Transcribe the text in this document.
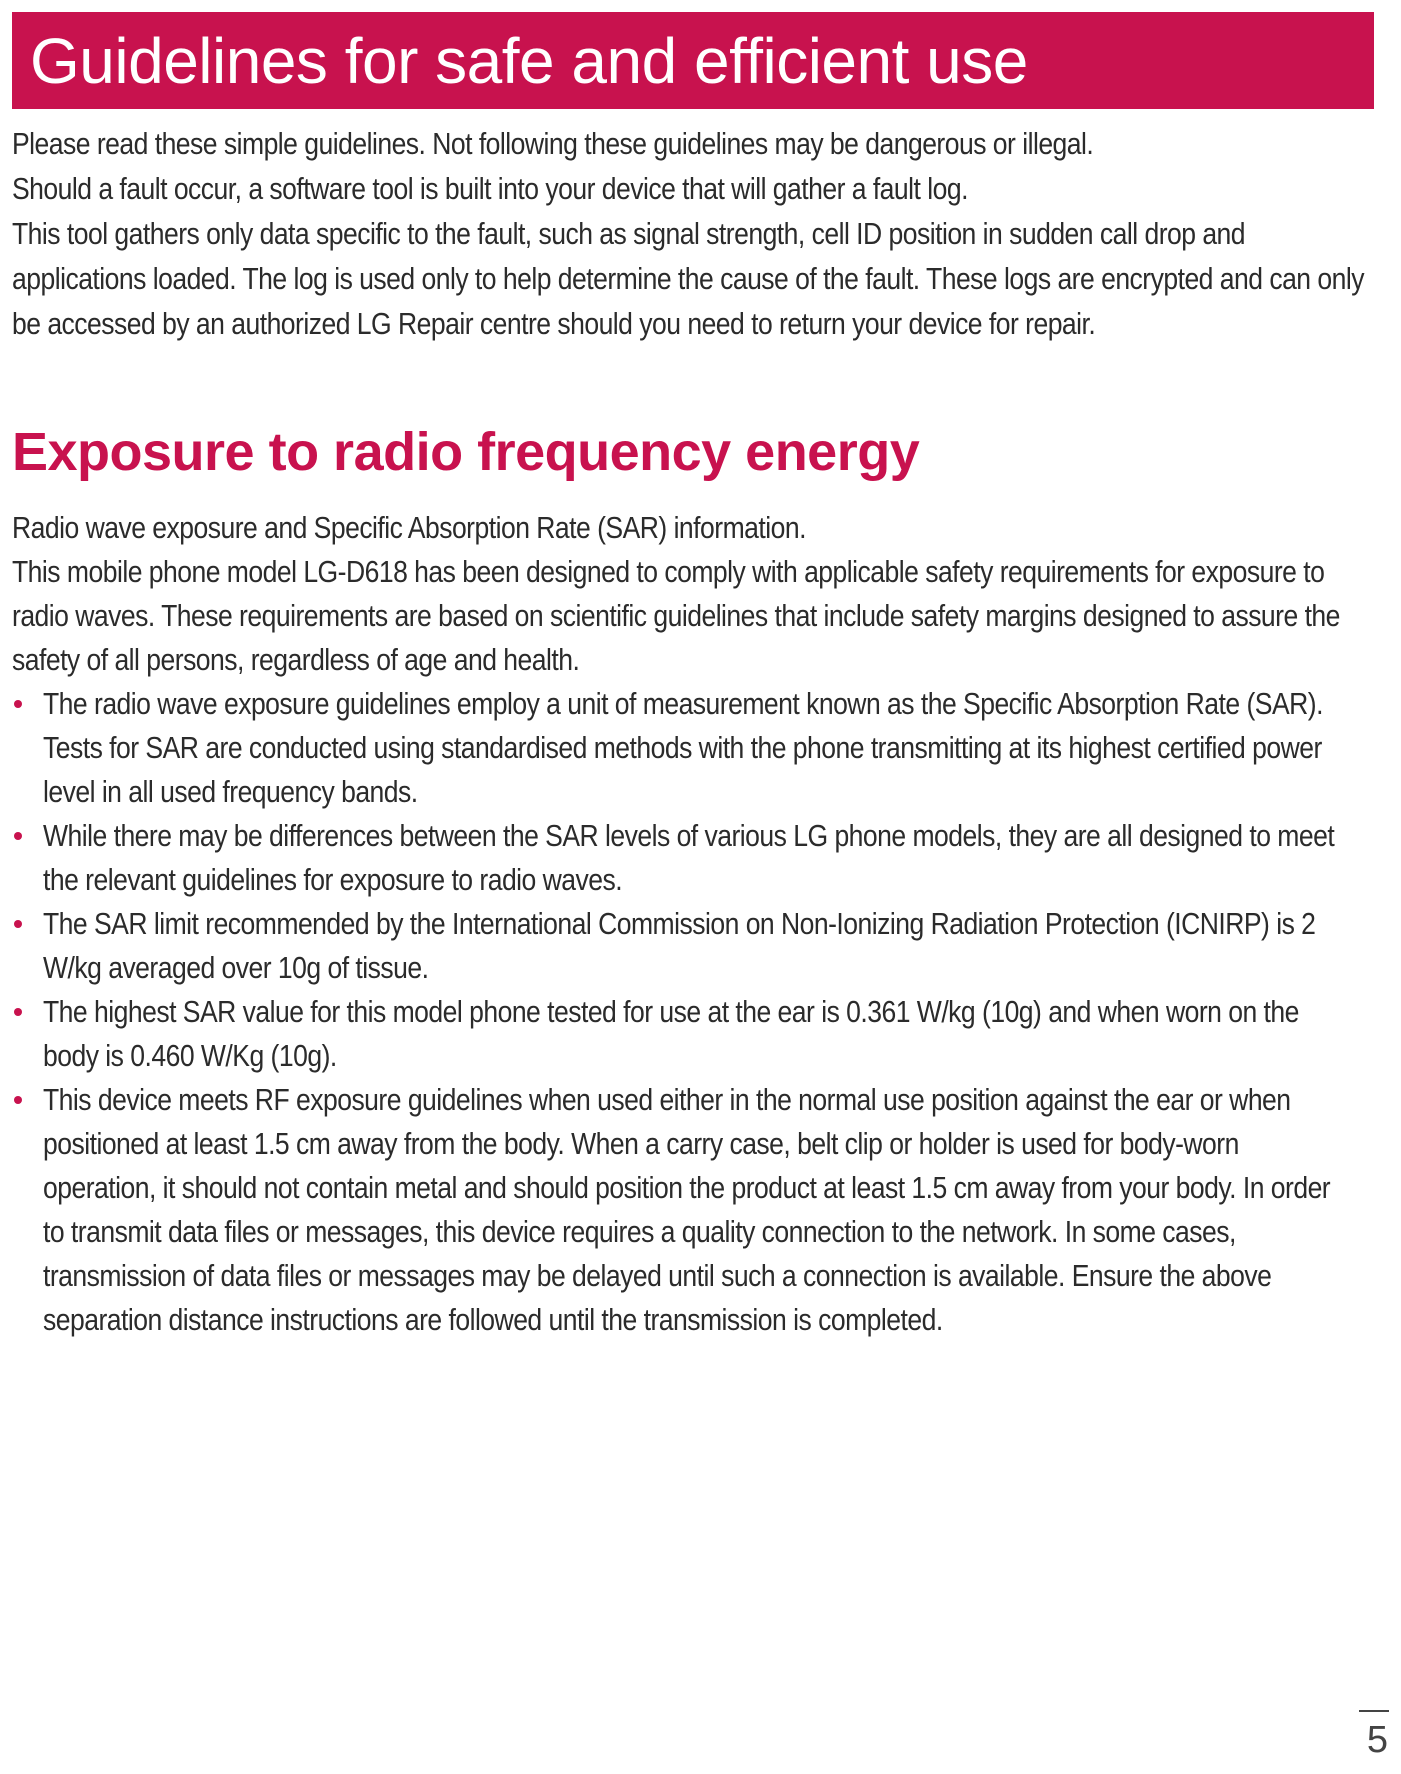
Guidelines for safe and efficient use

Please read these simple guidelines. Not following these guidelines may be dangerous or illegal.

Should a fault occur, a software tool is built into your device that will gather a fault log.

This tool gathers only data specific to the fault, such as signal strength, cell ID position in sudden call drop and applications loaded. The log is used only to help determine the cause of the fault. These logs are encrypted and can only be accessed by an authorized LG Repair centre should you need to return your device for repair.

Exposure to radio frequency energy

Radio wave exposure and Specific Absorption Rate (SAR) information.

This mobile phone model LG-D618 has been designed to comply with applicable safety requirements for exposure to radio waves. These requirements are based on scientific guidelines that include safety margins designed to assure the safety of all persons, regardless of age and health.

The radio wave exposure guidelines employ a unit of measurement known as the Specific Absorption Rate (SAR). Tests for SAR are conducted using standardised methods with the phone transmitting at its highest certified power level in all used frequency bands.

While there may be differences between the SAR levels of various LG phone models, they are all designed to meet the relevant guidelines for exposure to radio waves.

The SAR limit recommended by the International Commission on Non-Ionizing Radiation Protection (ICNIRP) is 2 W/kg averaged over 10g of tissue.

The highest SAR value for this model phone tested for use at the ear is 0.361 W/kg (10g) and when worn on the body is 0.460 W/Kg (10g).

This device meets RF exposure guidelines when used either in the normal use position against the ear or when positioned at least 1.5 cm away from the body. When a carry case, belt clip or holder is used for body-worn operation, it should not contain metal and should position the product at least 1.5 cm away from your body. In order to transmit data files or messages, this device requires a quality connection to the network. In some cases, transmission of data files or messages may be delayed until such a connection is available. Ensure the above separation distance instructions are followed until the transmission is completed.

5
